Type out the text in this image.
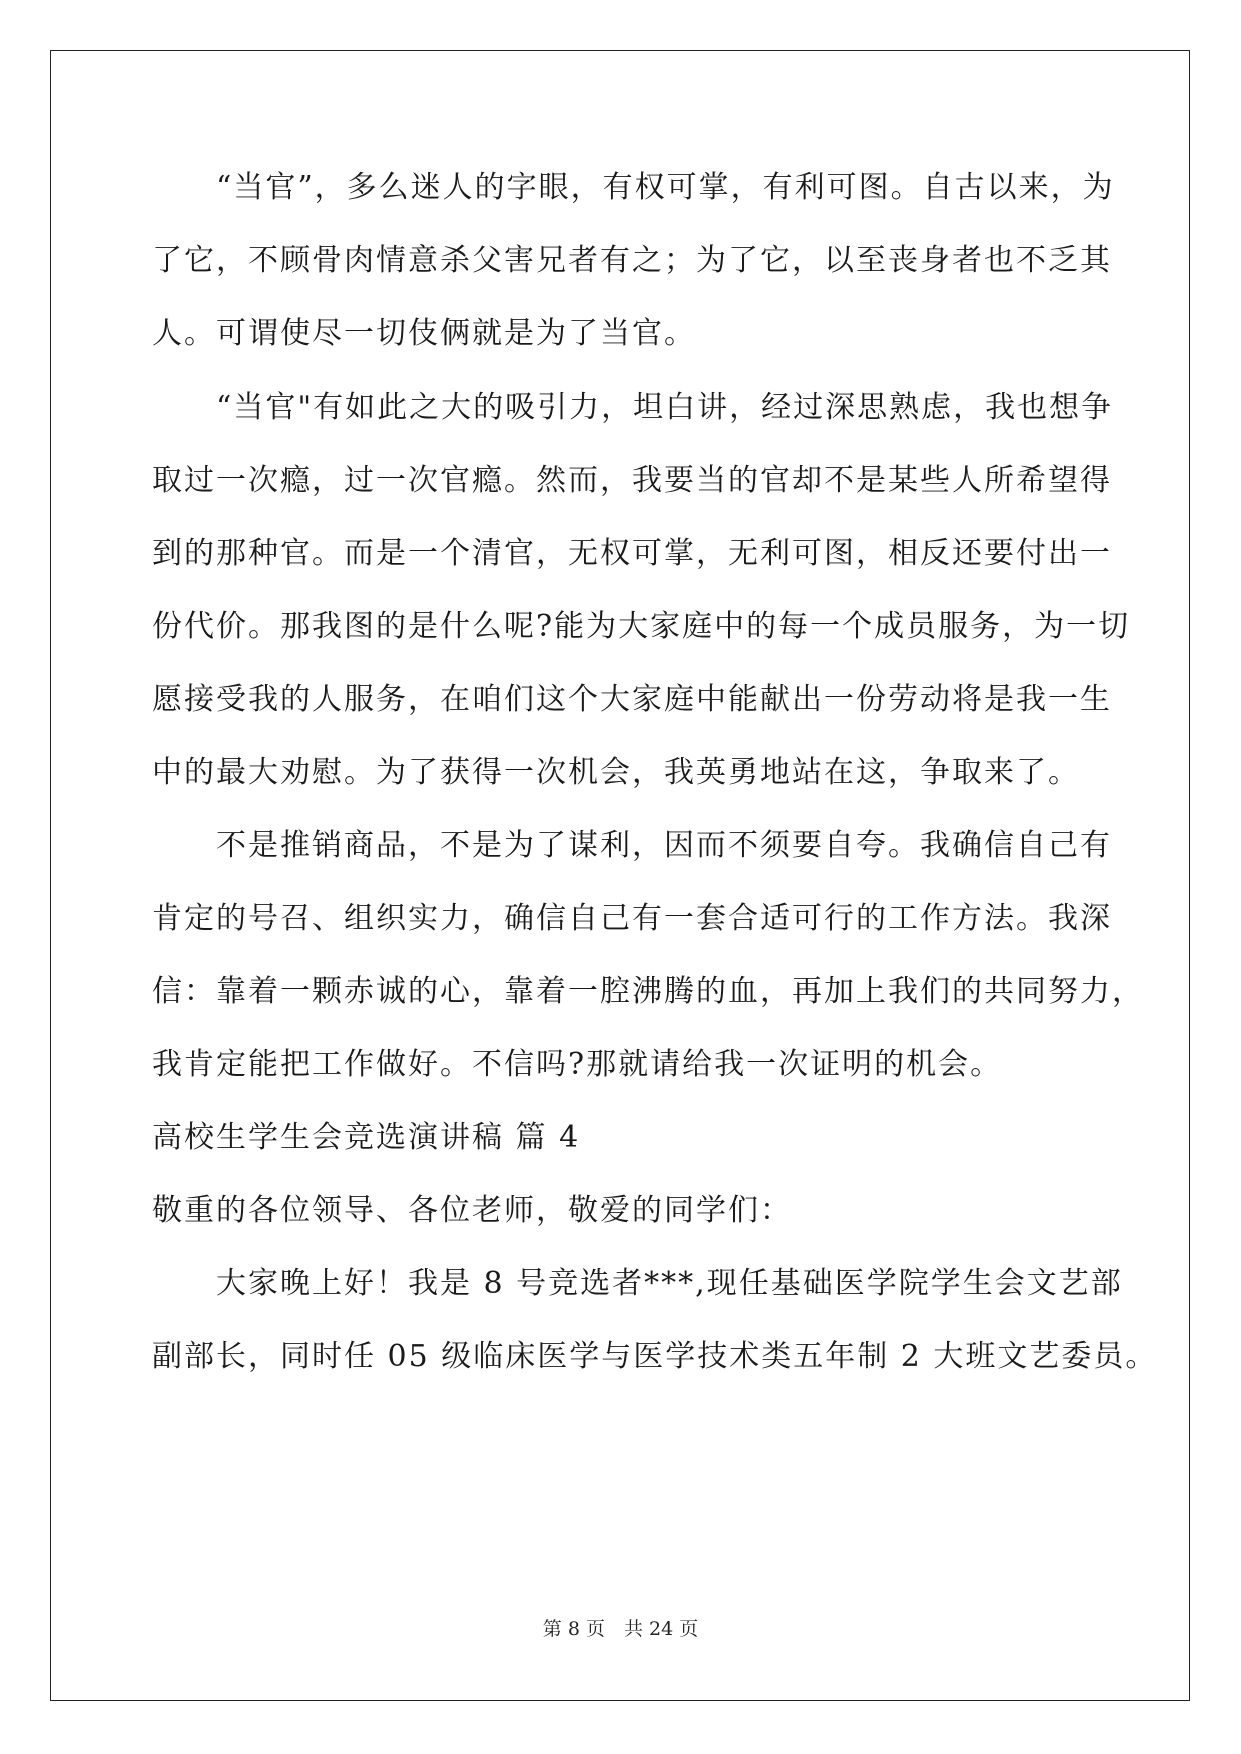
　　“当官”，多么迷人的字眼，有权可掌，有利可图。自古以来，为
了它，不顾骨肉情意杀父害兄者有之；为了它，以至丧身者也不乏其
人。可谓使尽一切伎俩就是为了当官。
　　“当官"有如此之大的吸引力，坦白讲，经过深思熟虑，我也想争
取过一次瘾，过一次官瘾。然而，我要当的官却不是某些人所希望得
到的那种官。而是一个清官，无权可掌，无利可图，相反还要付出一
份代价。那我图的是什么呢?能为大家庭中的每一个成员服务，为一切
愿接受我的人服务，在咱们这个大家庭中能献出一份劳动将是我一生
中的最大劝慰。为了获得一次机会，我英勇地站在这，争取来了。
　　不是推销商品，不是为了谋利，因而不须要自夸。我确信自己有
肯定的号召、组织实力，确信自己有一套合适可行的工作方法。我深
信：靠着一颗赤诚的心，靠着一腔沸腾的血，再加上我们的共同努力，
我肯定能把工作做好。不信吗?那就请给我一次证明的机会。
高校生学生会竞选演讲稿 篇 4
敬重的各位领导、各位老师，敬爱的同学们：
　　大家晚上好！我是 8 号竞选者***,现任基础医学院学生会文艺部
副部长，同时任 05 级临床医学与医学技术类五年制 2 大班文艺委员。
第 8 页　共 24 页
